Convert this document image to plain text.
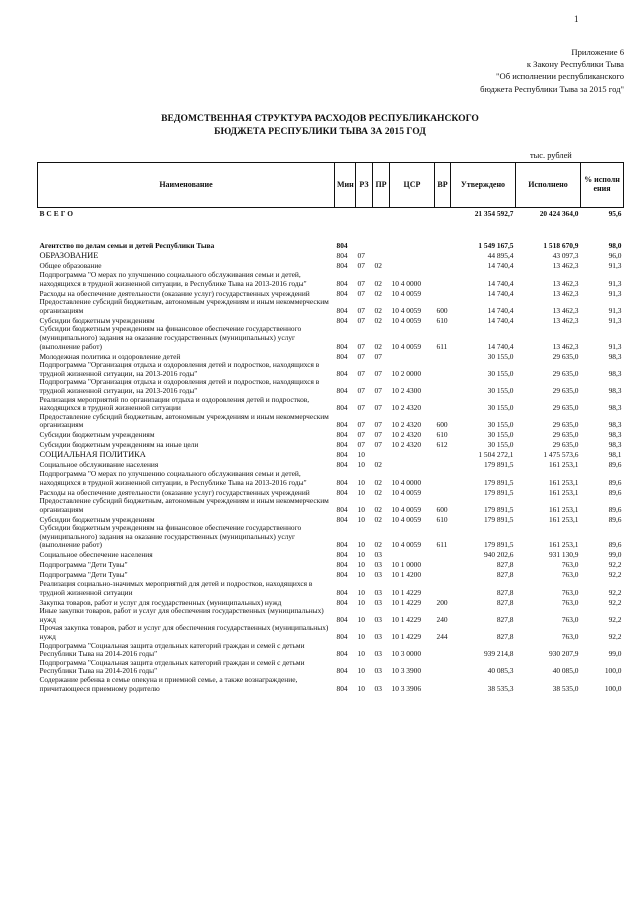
1
Приложение 6
к Закону Республики Тыва
"Об исполнении республиканского
бюджета Республики Тыва за 2015 год"
ВЕДОМСТВЕННАЯ СТРУКТУРА РАСХОДОВ РЕСПУБЛИКАНСКОГО
БЮДЖЕТА РЕСПУБЛИКИ ТЫВА ЗА 2015 ГОД
тыс. рублей
Наименование	Мин	РЗ	ПР	ЦСР	ВР	Утверждено	Исполнено	% исполн ения
ВСЕГО						21 354 592,7	20 424 364,0	95,6
Агентство по делам семьи и детей Республики Тыва	804					1 549 167,5	1 518 670,9	98,0
ОБРАЗОВАНИЕ	804	07				44 895,4	43 097,3	96,0
Общее образование	804	07	02			14 740,4	13 462,3	91,3
Подпрограмма "О мерах по улучшению социального обслуживания семьи и детей, находящихся в трудной жизненной ситуации, в Республике Тыва на 2013-2016 годы"	804	07	02	10 4 0000		14 740,4	13 462,3	91,3
Расходы на обеспечение деятельности (оказание услуг) государственных учреждений	804	07	02	10 4 0059		14 740,4	13 462,3	91,3
Предоставление субсидий бюджетным, автономным учреждениям и иным некоммерческим организациям	804	07	02	10 4 0059	600	14 740,4	13 462,3	91,3
Субсидии бюджетным учреждениям	804	07	02	10 4 0059	610	14 740,4	13 462,3	91,3
Субсидии бюджетным учреждениям на финансовое обеспечение государственного (муниципального) задания на оказание государственных (муниципальных) услуг (выполнение работ)	804	07	02	10 4 0059	611	14 740,4	13 462,3	91,3
Молодежная политика и оздоровление детей	804	07	07			30 155,0	29 635,0	98,3
Подпрограмма "Организация отдыха и оздоровления детей и подростков, находящихся в трудной жизненной ситуации, на 2013-2016 годы"	804	07	07	10 2 0000		30 155,0	29 635,0	98,3
Подпрограмма "Организация отдыха и оздоровления детей и подростков, находящихся в трудной жизненной ситуации, на 2013-2016 годы"	804	07	07	10 2 4300		30 155,0	29 635,0	98,3
Реализация мероприятий по организации отдыха и оздоровления детей и подростков, находящихся в трудной жизненной ситуации	804	07	07	10 2 4320		30 155,0	29 635,0	98,3
Предоставление субсидий бюджетным, автономным учреждениям и иным некоммерческим организациям	804	07	07	10 2 4320	600	30 155,0	29 635,0	98,3
Субсидии бюджетным учреждениям	804	07	07	10 2 4320	610	30 155,0	29 635,0	98,3
Субсидии бюджетным учреждениям на иные цели	804	07	07	10 2 4320	612	30 155,0	29 635,0	98,3
СОЦИАЛЬНАЯ ПОЛИТИКА	804	10				1 504 272,1	1 475 573,6	98,1
Социальное обслуживание населения	804	10	02			179 891,5	161 253,1	89,6
Подпрограмма "О мерах по улучшению социального обслуживания семьи и детей, находящихся в трудной жизненной ситуации, в Республике Тыва на 2013-2016 годы"	804	10	02	10 4 0000		179 891,5	161 253,1	89,6
Расходы на обеспечение деятельности (оказание услуг) государственных учреждений	804	10	02	10 4 0059		179 891,5	161 253,1	89,6
Предоставление субсидий бюджетным, автономным учреждениям и иным некоммерческим организациям	804	10	02	10 4 0059	600	179 891,5	161 253,1	89,6
Субсидии бюджетным учреждениям	804	10	02	10 4 0059	610	179 891,5	161 253,1	89,6
Субсидии бюджетным учреждениям на финансовое обеспечение государственного (муниципального) задания на оказание государственных (муниципальных) услуг (выполнение работ)	804	10	02	10 4 0059	611	179 891,5	161 253,1	89,6
Социальное обеспечение населения	804	10	03			940 202,6	931 130,9	99,0
Подпрограмма "Дети Тувы"	804	10	03	10 1 0000		827,8	763,0	92,2
Подпрограмма "Дети Тувы"	804	10	03	10 1 4200		827,8	763,0	92,2
Реализация социально-значимых мероприятий для детей и подростков, находящихся в трудной жизненной ситуации	804	10	03	10 1 4229		827,8	763,0	92,2
Закупка товаров, работ и услуг для государственных (муниципальных) нужд	804	10	03	10 1 4229	200	827,8	763,0	92,2
Иные закупки товаров, работ и услуг для обеспечения государственных (муниципальных) нужд	804	10	03	10 1 4229	240	827,8	763,0	92,2
Прочая закупка товаров, работ и услуг для обеспечения государственных (муниципальных) нужд	804	10	03	10 1 4229	244	827,8	763,0	92,2
Подпрограмма "Социальная защита отдельных категорий граждан и семей с детьми Республики Тыва на 2014-2016 годы"	804	10	03	10 3 0000		939 214,8	930 207,9	99,0
Подпрограмма "Социальная защита отдельных категорий граждан и семей с детьми Республики Тыва на 2014-2016 годы"	804	10	03	10 3 3900		40 085,3	40 085,0	100,0
Содержание ребенка в семье опекуна и приемной семье, а также вознаграждение, причитающееся приемному родителю	804	10	03	10 3 3906		38 535,3	38 535,0	100,0
